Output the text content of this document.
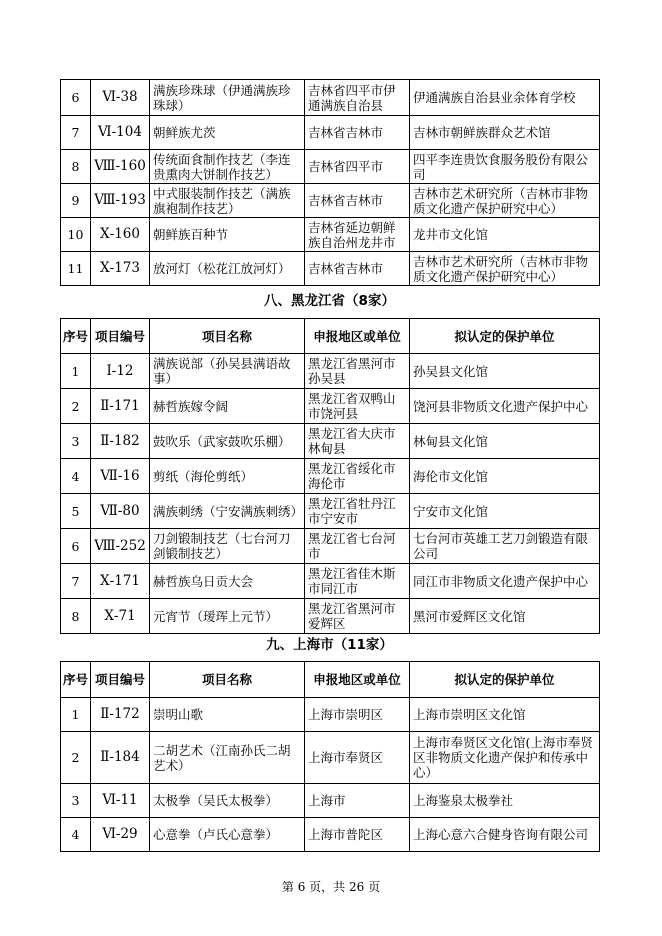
6	Ⅵ-38	满族珍珠球（伊通满族珍珠球）	吉林省四平市伊通满族自治县	伊通满族自治县业余体育学校
7	Ⅵ-104	朝鲜族尤茨	吉林省吉林市	吉林市朝鲜族群众艺术馆
8	Ⅷ-160	传统面食制作技艺（李连贵熏肉大饼制作技艺）	吉林省四平市	四平李连贵饮食服务股份有限公司
9	Ⅷ-193	中式服装制作技艺（满族旗袍制作技艺）	吉林省吉林市	吉林市艺术研究所（吉林市非物质文化遗产保护研究中心）
10	Ⅹ-160	朝鲜族百种节	吉林省延边朝鲜族自治州龙井市	龙井市文化馆
11	Ⅹ-173	放河灯（松花江放河灯）	吉林省吉林市	吉林市艺术研究所（吉林市非物质文化遗产保护研究中心）
八、黑龙江省（8家）
序号	项目编号	项目名称	申报地区或单位	拟认定的保护单位
1	Ⅰ-12	满族说部（孙吴县满语故事）	黑龙江省黑河市孙吴县	孙吴县文化馆
2	Ⅱ-171	赫哲族嫁令阔	黑龙江省双鸭山市饶河县	饶河县非物质文化遗产保护中心
3	Ⅱ-182	鼓吹乐（武家鼓吹乐棚）	黑龙江省大庆市林甸县	林甸县文化馆
4	Ⅶ-16	剪纸（海伦剪纸）	黑龙江省绥化市海伦市	海伦市文化馆
5	Ⅶ-80	满族刺绣（宁安满族刺绣）	黑龙江省牡丹江市宁安市	宁安市文化馆
6	Ⅷ-252	刀剑锻制技艺（七台河刀剑锻制技艺）	黑龙江省七台河市	七台河市英雄工艺刀剑锻造有限公司
7	Ⅹ-171	赫哲族乌日贡大会	黑龙江省佳木斯市同江市	同江市非物质文化遗产保护中心
8	Ⅹ-71	元宵节（瑷珲上元节）	黑龙江省黑河市爱辉区	黑河市爱辉区文化馆
九、上海市（11家）
序号	项目编号	项目名称	申报地区或单位	拟认定的保护单位
1	Ⅱ-172	崇明山歌	上海市崇明区	上海市崇明区文化馆
2	Ⅱ-184	二胡艺术（江南孙氏二胡艺术）	上海市奉贤区	上海市奉贤区文化馆(上海市奉贤区非物质文化遗产保护和传承中心）
3	Ⅵ-11	太极拳（吴氏太极拳）	上海市	上海鉴泉太极拳社
4	Ⅵ-29	心意拳（卢氏心意拳）	上海市普陀区	上海心意六合健身咨询有限公司
第 6 页，共 26 页
